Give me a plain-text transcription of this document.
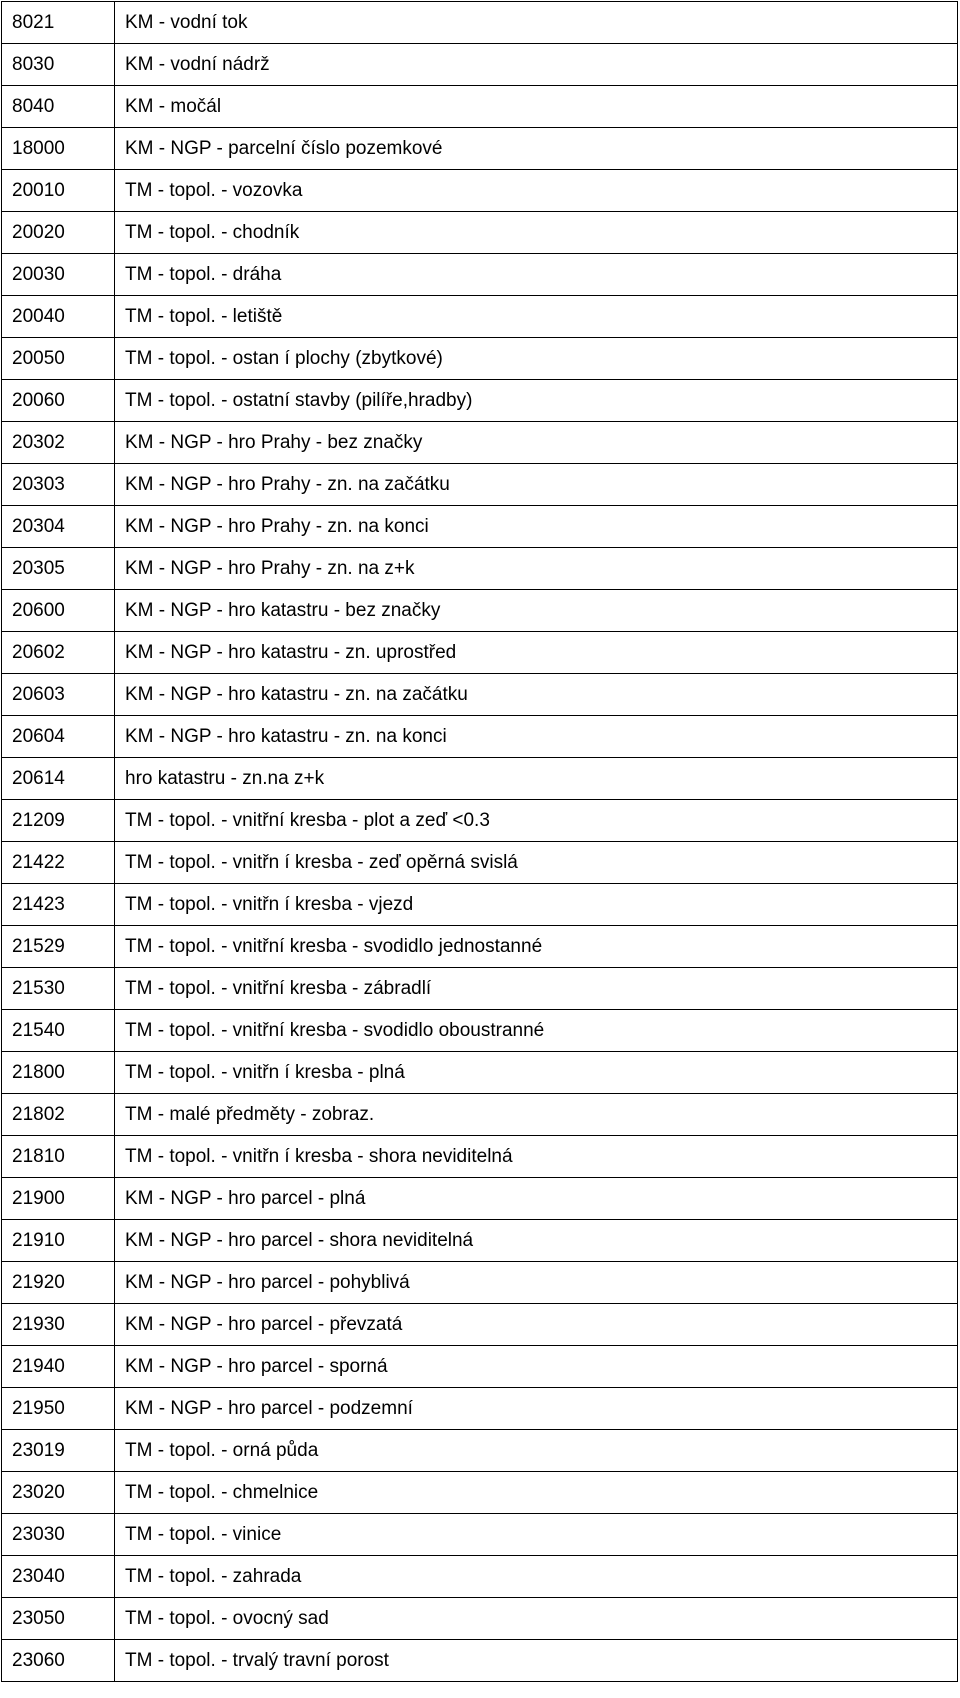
8021	KM - vodní tok
8030	KM - vodní nádrž
8040	KM - močál
18000	KM - NGP - parcelní číslo pozemkové
20010	TM - topol. - vozovka
20020	TM - topol. - chodník
20030	TM - topol. - dráha
20040	TM - topol. - letiště
20050	TM - topol. - ostan í plochy (zbytkové)
20060	TM - topol. - ostatní stavby (pilíře,hradby)
20302	KM - NGP - hro Prahy - bez značky
20303	KM - NGP - hro Prahy - zn. na začátku
20304	KM - NGP - hro Prahy - zn. na konci
20305	KM - NGP - hro Prahy - zn. na z+k
20600	KM - NGP - hro katastru - bez značky
20602	KM - NGP - hro katastru - zn. uprostřed
20603	KM - NGP - hro katastru - zn. na začátku
20604	KM - NGP - hro katastru - zn. na konci
20614	hro katastru - zn.na z+k
21209	TM - topol. - vnitřní kresba - plot a zeď <0.3
21422	TM - topol. - vnitřn í kresba - zeď opěrná svislá
21423	TM - topol. - vnitřn í kresba - vjezd
21529	TM - topol. - vnitřní kresba - svodidlo jednostanné
21530	TM - topol. - vnitřní kresba - zábradlí
21540	TM - topol. - vnitřní kresba - svodidlo oboustranné
21800	TM - topol. - vnitřn í kresba - plná
21802	TM - malé předměty - zobraz.
21810	TM - topol. - vnitřn í kresba - shora neviditelná
21900	KM - NGP - hro parcel - plná
21910	KM - NGP - hro parcel - shora neviditelná
21920	KM - NGP - hro parcel - pohyblivá
21930	KM - NGP - hro parcel - převzatá
21940	KM - NGP - hro parcel - sporná
21950	KM - NGP - hro parcel - podzemní
23019	TM - topol. - orná půda
23020	TM - topol. - chmelnice
23030	TM - topol. - vinice
23040	TM - topol. - zahrada
23050	TM - topol. - ovocný sad
23060	TM - topol. - trvalý travní porost
